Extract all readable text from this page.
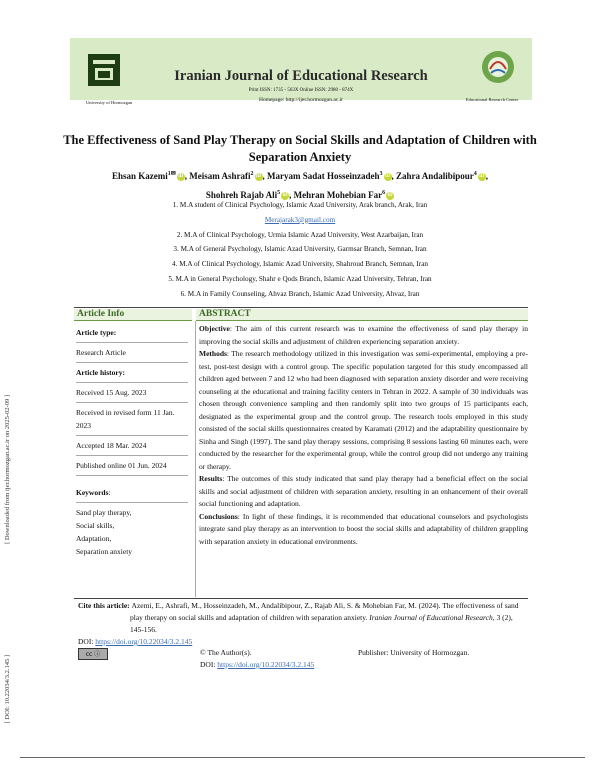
[ Downloaded from ijer.hormozgan.ac.ir on 2025-02-09 ]
[ DOI: 10.22034/3.2.145 ]
Iranian Journal of Educational Research
Print ISSN: 1735 - 563X Online ISSN: 2980 - 874X
Homepage: http://ijer.hormozgan.ac.ir
University of Hormozgan
Educational Research Center
The Effectiveness of Sand Play Therapy on Social Skills and Adaptation of Children with Separation Anxiety
Ehsan Kazemi$^{1✉}$ iD , Meisam Ashrafi$^2$ iD , Maryam Sadat Hosseinzadeh$^3$ iD , Zahra Andalibipour$^4$ iD ,
Shohreh Rajab Ali$^5$ iD , Mehran Mohebian Far$^6$ iD
1. M.A student of Clinical Psychology, Islamic Azad University, Arak branch, Arak, Iran
Merajarak3@gmail.com
2. M.A of Clinical Psychology, Urmia Islamic Azad University, West Azarbaijan, Iran
3. M.A of General Psychology, Islamic Azad University, Garmsar Branch, Semnan, Iran
4. M.A of Clinical Psychology, Islamic Azad University, Shahroud Branch, Semnan, Iran
5. M.A in General Psychology, Shahr e Qods Branch, Islamic Azad University, Tehran, Iran
6. M.A in Family Counseling, Ahvaz Branch, Islamic Azad University, Ahvaz, Iran
Article Info	ABSTRACT
Article type:
Research Article
Article history:
Received 15 Aug. 2023
Received in revised form 11 Jan. 2023
Accepted 18 Mar. 2024
Published online 01 Jun. 2024
Keywords:
Sand play therapy,
Social skills,
Adaptation,
Separation anxiety

Objective: The aim of this current research was to examine the effectiveness of sand play therapy in improving the social skills and adjustment of children experiencing separation anxiety.

Methods: The research methodology utilized in this investigation was semi-experimental, employing a pre-test, post-test design with a control group. The specific population targeted for this study encompassed all children aged between 7 and 12 who had been diagnosed with separation anxiety disorder and were receiving counseling at the educational and training facility centers in Tehran in 2022. A sample of 30 individuals was chosen through convenience sampling and then randomly split into two groups of 15 participants each, designated as the experimental group and the control group. The research tools employed in this study consisted of the social skills questionnaires created by Karamati (2012) and the adaptability questionnaire by Sinha and Singh (1997). The sand play therapy sessions, comprising 8 sessions lasting 60 minutes each, were conducted by the researcher for the experimental group, while the control group did not undergo any training or therapy.

Results: The outcomes of this study indicated that sand play therapy had a beneficial effect on the social skills and social adjustment of children with separation anxiety, resulting in an enhancement of their overall social functioning and adaptation.

Conclusions: In light of these findings, it is recommended that educational counselors and psychologists integrate sand play therapy as an intervention to boost the social skills and adaptability of children grappling with separation anxiety in educational environments.

Cite this article: Azemi, E., Ashrafi, M., Hosseinzadeh, M., Andalibipour, Z., Rajab Ali, S. & Mohebian Far, M. (2024). The effectiveness of sand play therapy on social skills and adaptation of children with separation anxiety. Iranian Journal of Educational Research, 3 (2), 145-156.
DOI: https://doi.org/10.22034/3.2.145
cc ⓘ	© The Author(s).	Publisher: University of Hormozgan.
DOI: https://doi.org/10.22034/3.2.145
